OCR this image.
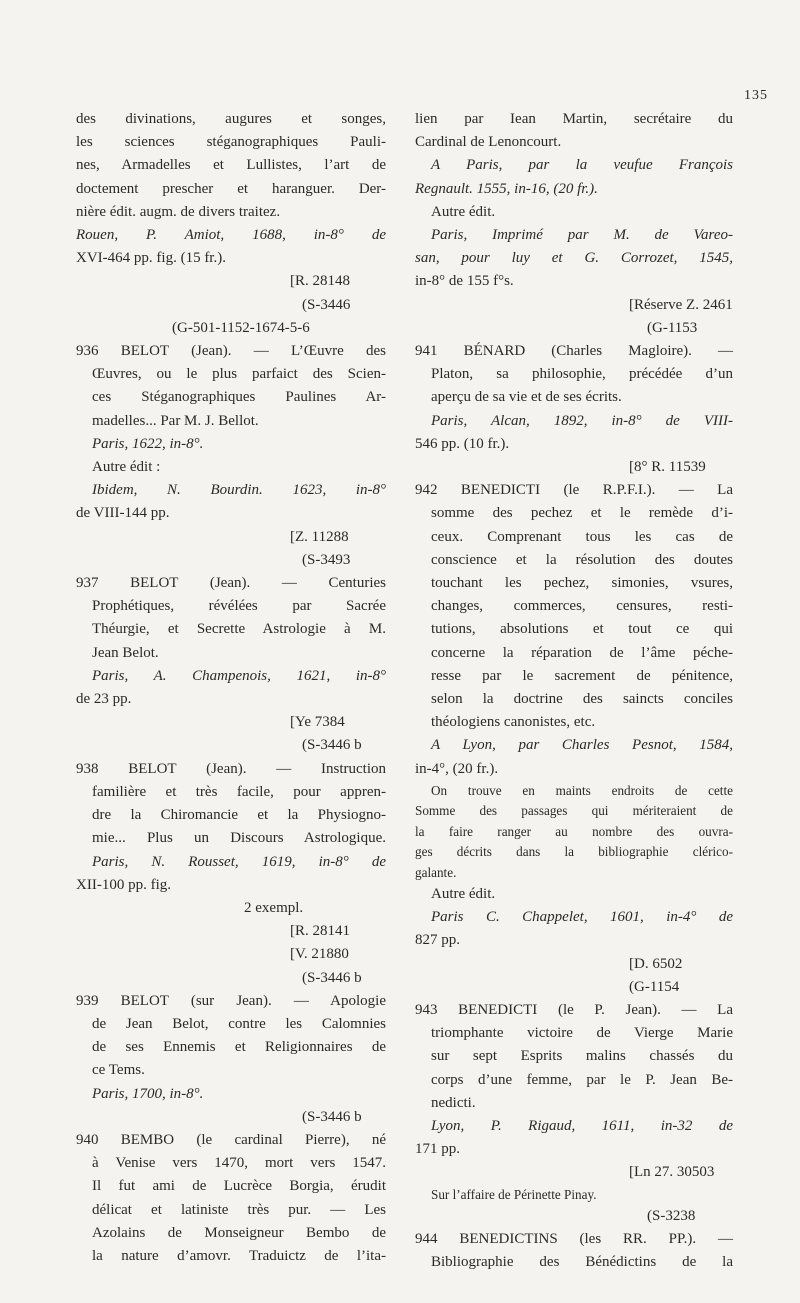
135
des divinations, augures et songes,
les sciences stéganographiques Pauli-
nes, Armadelles et Lullistes, l’art de
doctement prescher et haranguer. Der-
nière édit. augm. de divers traitez.
Rouen, P. Amiot, 1688, in-8° de
XVI-464 pp. fig. (15 fr.).
[R. 28148
(S-3446
(G-501-1152-1674-5-6
936 BELOT (Jean). — L’Œuvre des
Œuvres, ou le plus parfaict des Scien-
ces Stéganographiques Paulines Ar-
madelles... Par M. J. Bellot.
Paris, 1622, in-8°.
Autre édit :
Ibidem, N. Bourdin. 1623, in-8°
de VIII-144 pp.
[Z. 11288
(S-3493
937 BELOT (Jean). — Centuries
Prophétiques, révélées par Sacrée
Théurgie, et Secrette Astrologie à M.
Jean Belot.
Paris, A. Champenois, 1621, in-8°
de 23 pp.
[Ye 7384
(S-3446 b
938 BELOT (Jean). — Instruction
familière et très facile, pour appren-
dre la Chiromancie et la Physiogno-
mie... Plus un Discours Astrologique.
Paris, N. Rousset, 1619, in-8° de
XII-100 pp. fig.
2 exempl.
[R. 28141
[V. 21880
(S-3446 b
939 BELOT (sur Jean). — Apologie
de Jean Belot, contre les Calomnies
de ses Ennemis et Religionnaires de
ce Tems.
Paris, 1700, in-8°.
(S-3446 b
940 BEMBO (le cardinal Pierre), né
à Venise vers 1470, mort vers 1547.
Il fut ami de Lucrèce Borgia, érudit
délicat et latiniste très pur. — Les
Azolains de Monseigneur Bembo de
la nature d’amovr. Traduictz de l’ita-
lien par Iean Martin, secrétaire du
Cardinal de Lenoncourt.
A Paris, par la veufue François
Regnault. 1555, in-16, (20 fr.).
Autre édit.
Paris, Imprimé par M. de Vareo-
san, pour luy et G. Corrozet, 1545,
in-8° de 155 f°s.
[Réserve Z. 2461
(G-1153
941 BÉNARD (Charles Magloire). —
Platon, sa philosophie, précédée d’un
aperçu de sa vie et de ses écrits.
Paris, Alcan, 1892, in-8° de VIII-
546 pp. (10 fr.).
[8° R. 11539
942 BENEDICTI (le R.P.F.I.). — La
somme des pechez et le remède d’i-
ceux. Comprenant tous les cas de
conscience et la résolution des doutes
touchant les pechez, simonies, vsures,
changes, commerces, censures, resti-
tutions, absolutions et tout ce qui
concerne la réparation de l’âme péche-
resse par le sacrement de pénitence,
selon la doctrine des saincts conciles
théologiens canonistes, etc.
A Lyon, par Charles Pesnot, 1584,
in-4°, (20 fr.).
On trouve en maints endroits de cette
Somme des passages qui mériteraient de
la faire ranger au nombre des ouvra-
ges décrits dans la bibliographie clérico-
galante.
Autre édit.
Paris C. Chappelet, 1601, in-4° de
827 pp.
[D. 6502
(G-1154
943 BENEDICTI (le P. Jean). — La
triomphante victoire de Vierge Marie
sur sept Esprits malins chassés du
corps d’une femme, par le P. Jean Be-
nedicti.
Lyon, P. Rigaud, 1611, in-32 de
171 pp.
[Ln 27. 30503
Sur l’affaire de Périnette Pinay.
(S-3238
944 BENEDICTINS (les RR. PP.). —
Bibliographie des Bénédictins de la
